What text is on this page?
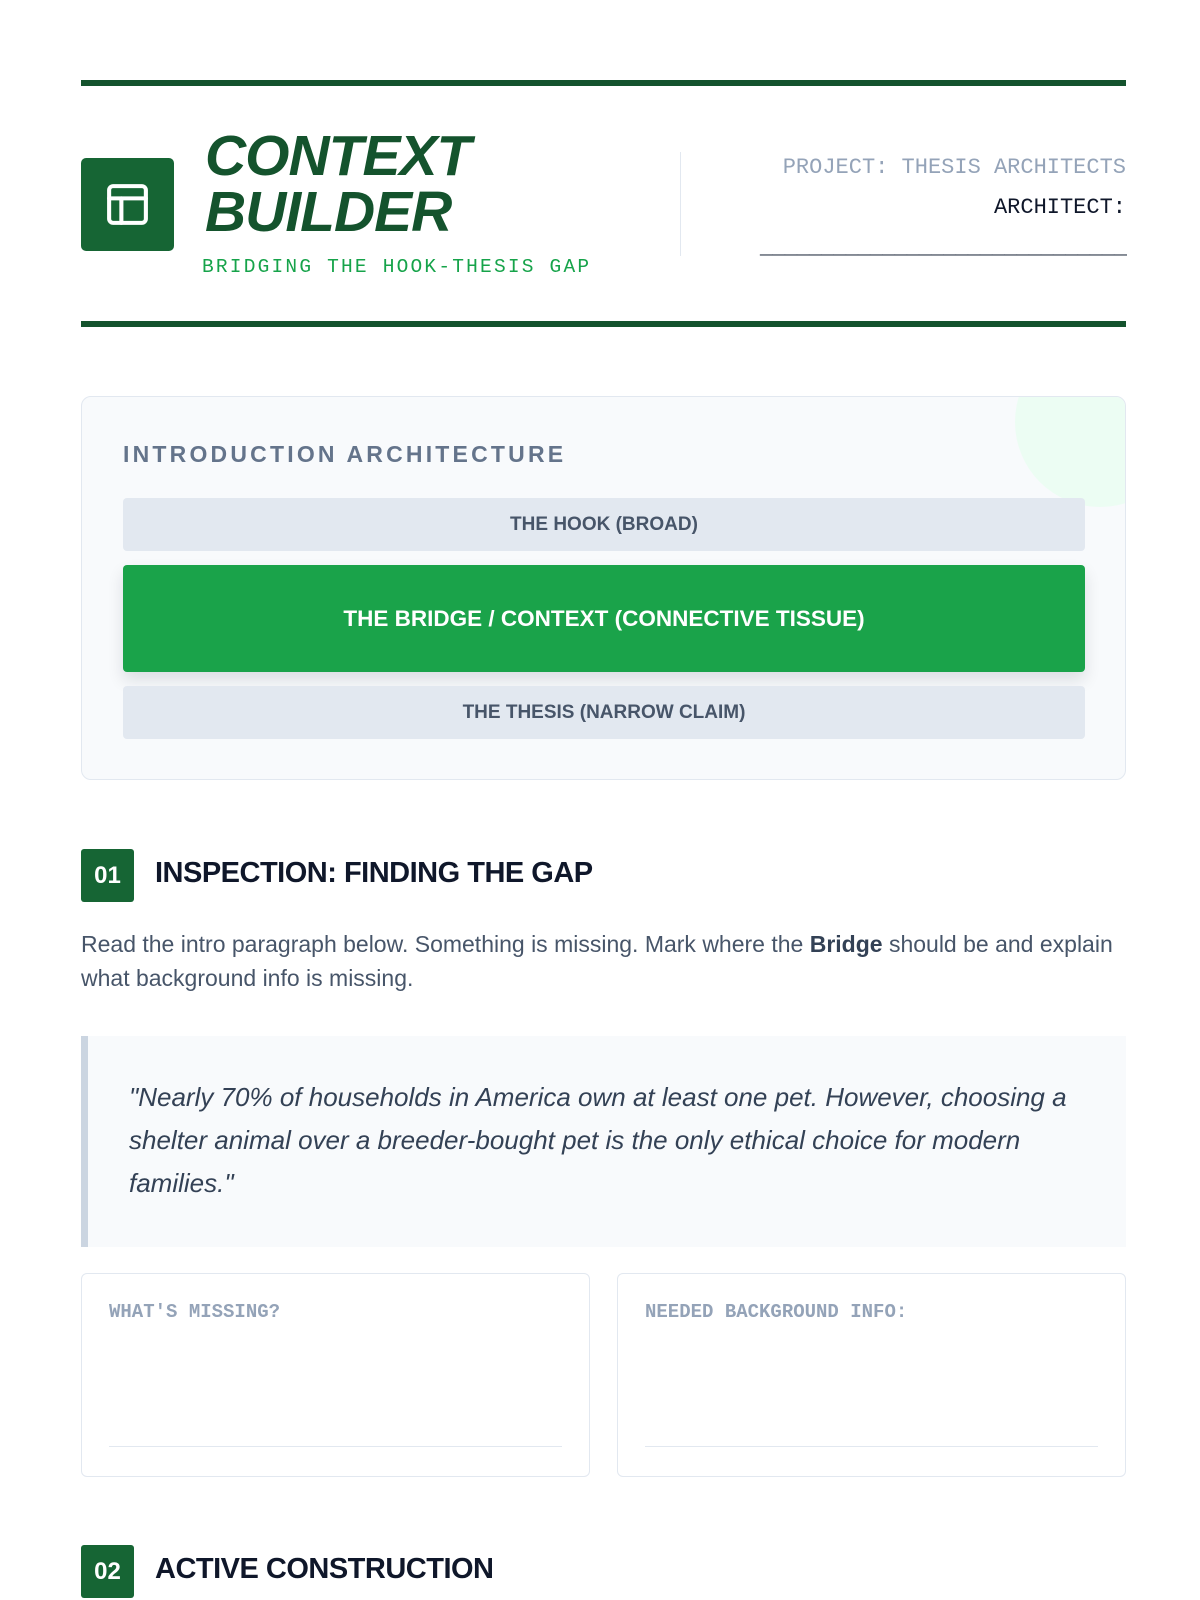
CONTEXT
BUILDER
BRIDGING THE HOOK-THESIS GAP
PROJECT: THESIS ARCHITECTS
ARCHITECT:
______________________________
INTRODUCTION ARCHITECTURE
THE HOOK (BROAD)
THE BRIDGE / CONTEXT (CONNECTIVE TISSUE)
THE THESIS (NARROW CLAIM)
01	INSPECTION: FINDING THE GAP

Read the intro paragraph below. Something is missing. Mark where the Bridge should be and explain what background info is missing.

"Nearly 70% of households in America own at least one pet. However, choosing a shelter animal over a breeder-bought pet is the only ethical choice for modern families."

WHAT'S MISSING?	NEEDED BACKGROUND INFO:
02	ACTIVE CONSTRUCTION
